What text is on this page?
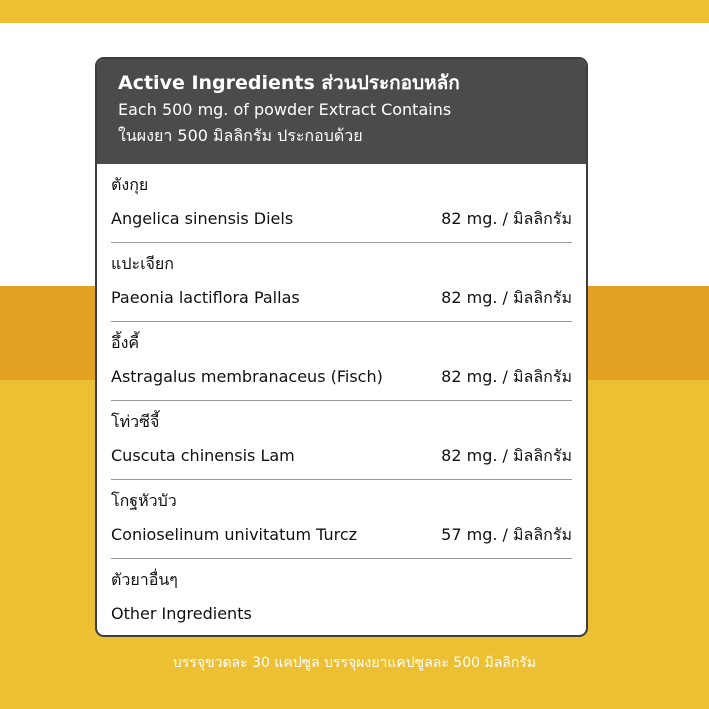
Active Ingredients ส่วนประกอบหลัก
Each 500 mg. of powder Extract Contains
ในผงยา 500 มิลลิกรัม ประกอบด้วย
ตังกุย
Angelica sinensis Diels	82 mg. / มิลลิกรัม
แปะเจียก
Paeonia lactiflora Pallas	82 mg. / มิลลิกรัม
อึ้งคี้
Astragalus membranaceus (Fisch)	82 mg. / มิลลิกรัม
โท่วซีจี้
Cuscuta chinensis Lam	82 mg. / มิลลิกรัม
โกฐหัวบัว
Conioselinum univitatum Turcz	57 mg. / มิลลิกรัม
ตัวยาอื่นๆ
Other Ingredients
บรรจุขวดละ 30 แคปซูล บรรจุผงยาแคปซูลละ 500 มิลลิกรัม
